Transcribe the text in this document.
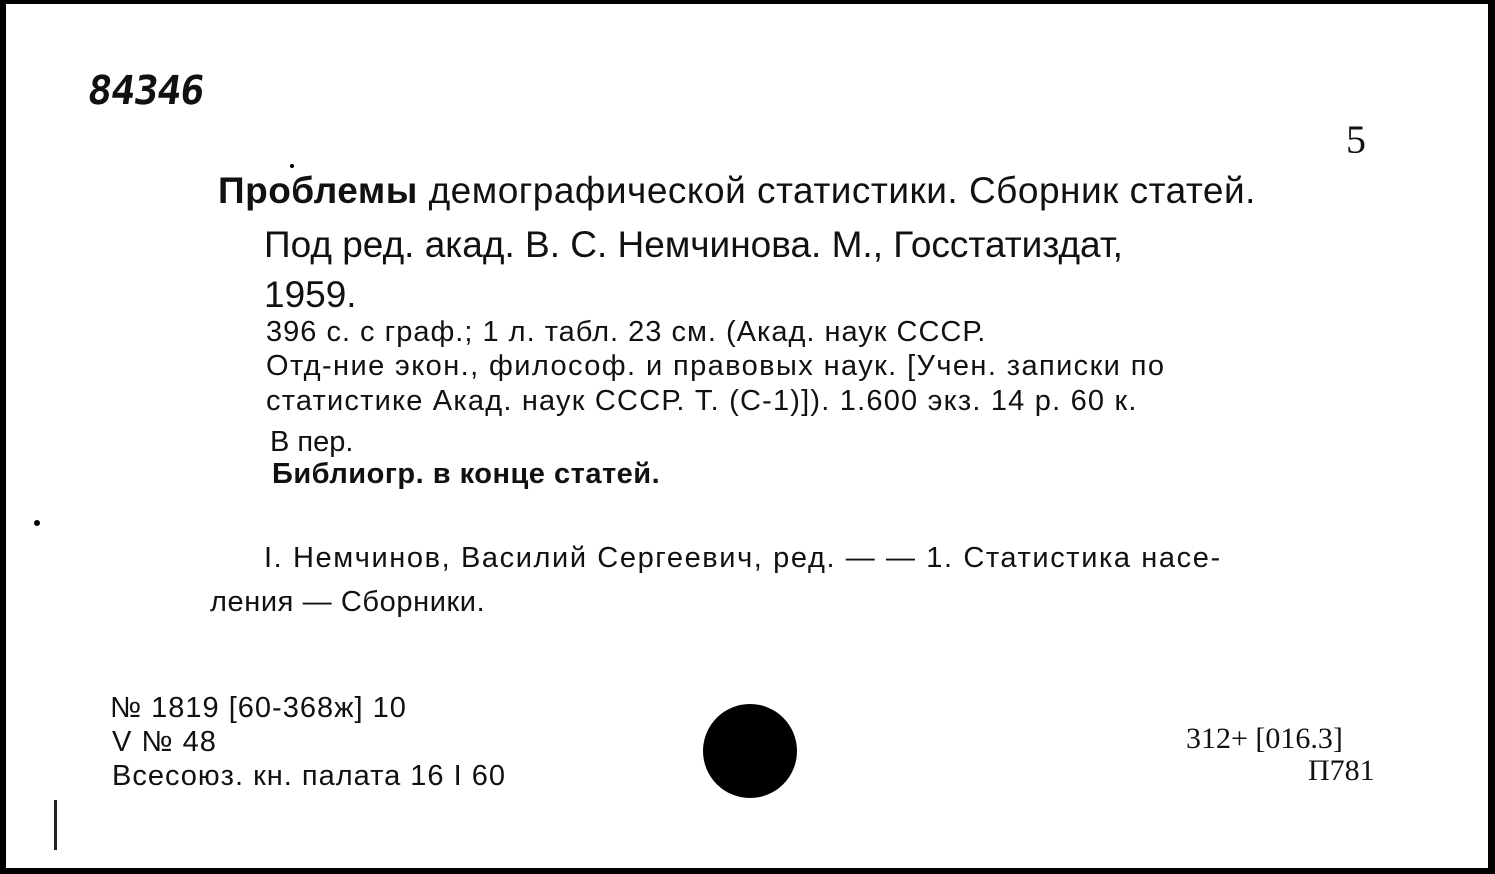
84346
5
Проблемы демографической статистики. Сборник статей.
Под ред. акад. В. С. Немчинова. М., Госстатиздат,
1959.
396 с. с граф.; 1 л. табл. 23 см. (Акад. наук СССР.
Отд-ние экон., философ. и правовых наук. [Учен. записки по
статистике Акад. наук СССР. Т. (С-1)]). 1.600 экз. 14 р. 60 к.
В пер.
Библиогр. в конце статей.
I. Немчинов, Василий Сергеевич, ред. — — 1. Статистика насе-
ления — Сборники.
№ 1819 [60-368ж] 10
V № 48
Всесоюз. кн. палата 16 I 60
312+ [016.3]
П781
